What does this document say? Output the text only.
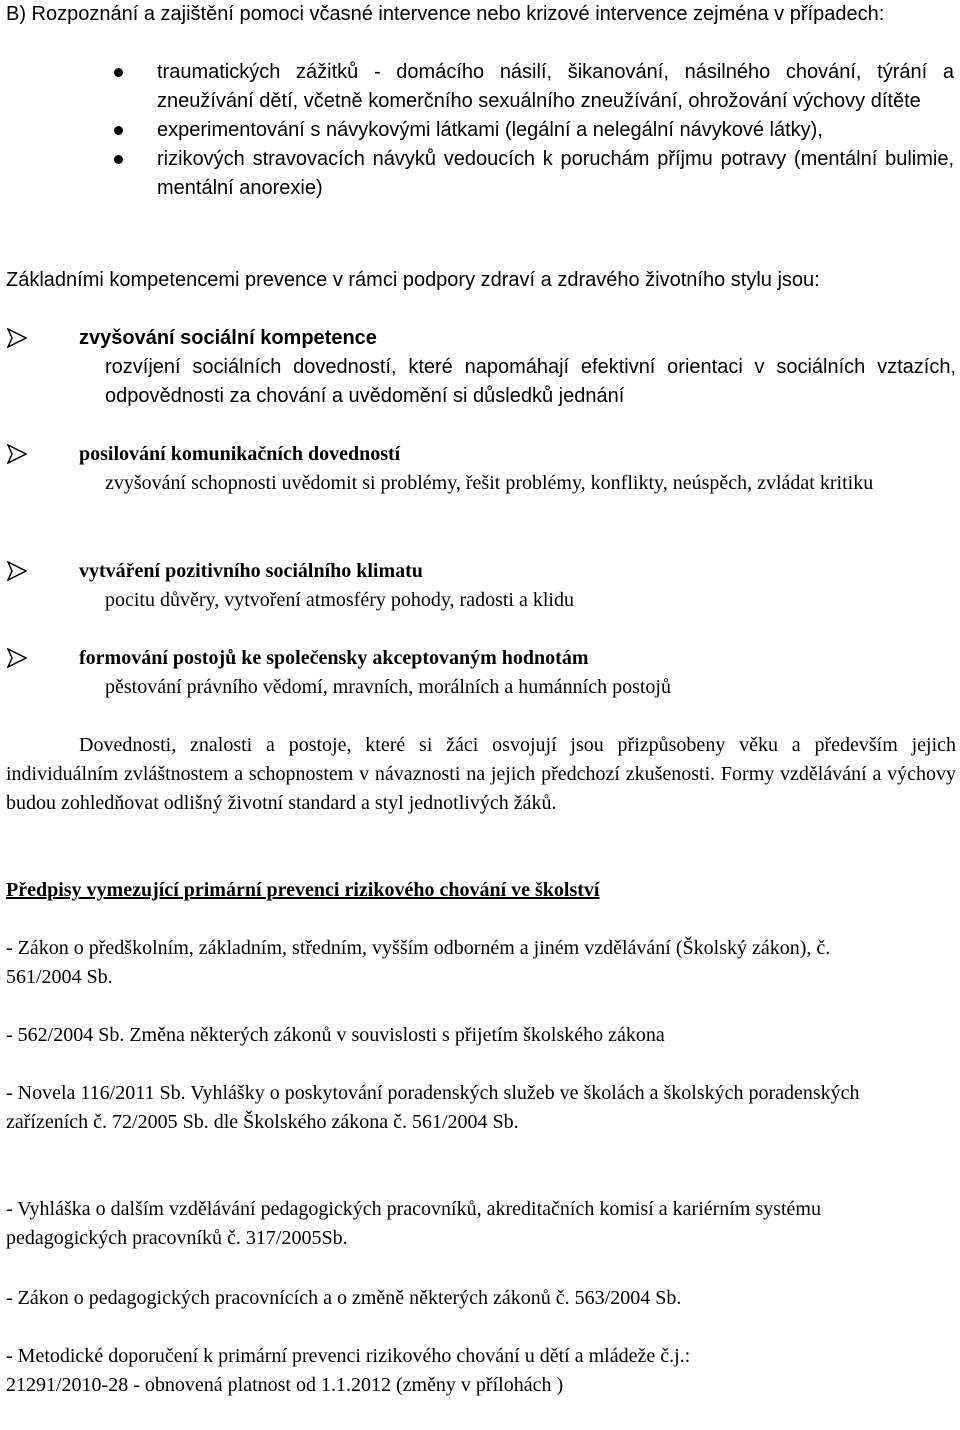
B) Rozpoznání a zajištění pomoci včasné intervence nebo krizové intervence zejména v případech:
traumatických zážitků - domácího násilí, šikanování, násilného chování, týrání a zneužívání dětí, včetně komerčního sexuálního zneužívání, ohrožování výchovy dítěte
experimentování s návykovými látkami (legální a nelegální návykové látky),
rizikových stravovacích návyků vedoucích k poruchám příjmu potravy (mentální bulimie, mentální anorexie)
Základními kompetencemi prevence v rámci podpory zdraví a zdravého životního stylu jsou:
zvyšování sociální kompetence
rozvíjení sociálních dovedností, které napomáhají efektivní orientaci v sociálních vztazích, odpovědnosti za chování a uvědomění si důsledků jednání
posilování komunikačních dovedností
zvyšování schopnosti uvědomit si problémy, řešit problémy, konflikty, neúspěch, zvládat kritiku
vytváření pozitivního sociálního klimatu
pocitu důvěry, vytvoření atmosféry pohody, radosti a klidu
formování postojů ke společensky akceptovaným hodnotám
pěstování právního vědomí, mravních, morálních a humánních postojů
Dovednosti, znalosti a postoje, které si žáci osvojují jsou přizpůsobeny věku a především jejich individuálním zvláštnostem a schopnostem v návaznosti na jejich předchozí zkušenosti. Formy vzdělávání a výchovy budou zohledňovat odlišný životní standard a styl jednotlivých žáků.
Předpisy vymezující primární prevenci rizikového chování ve školství
- Zákon o předškolním, základním, středním, vyšším odborném a jiném vzdělávání (Školský zákon), č. 561/2004 Sb.
- 562/2004 Sb. Změna některých zákonů v souvislosti s přijetím školského zákona
- Novela 116/2011 Sb. Vyhlášky o poskytování poradenských služeb ve školách a školských poradenských zařízeních č. 72/2005 Sb. dle Školského zákona č. 561/2004 Sb.
- Vyhláška o dalším vzdělávání pedagogických pracovníků, akreditačních komisí a kariérním systému pedagogických pracovníků č. 317/2005Sb.
- Zákon o pedagogických pracovnících a o změně některých zákonů č. 563/2004 Sb.
- Metodické doporučení k primární prevenci rizikového chování u dětí a mládeže č.j.: 21291/2010-28 - obnovená platnost od 1.1.2012 (změny v přílohách )
